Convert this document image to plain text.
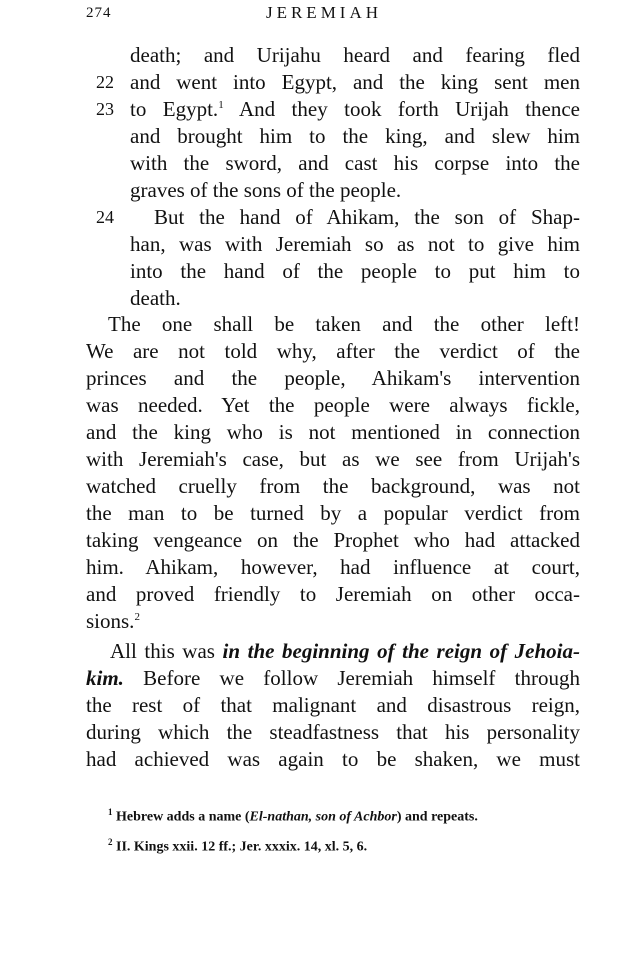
274	JEREMIAH
death; and Urijahu heard and fearing fled
22 and went into Egypt, and the king sent men
23 to Egypt.$^1$ And they took forth Urijah thence
and brought him to the king, and slew him
with the sword, and cast his corpse into the
graves of the sons of the people.
24 But the hand of Ahikam, the son of Shap-
han, was with Jeremiah so as not to give him
into the hand of the people to put him to
death.
The one shall be taken and the other left!
We are not told why, after the verdict of the
princes and the people, Ahikam's intervention
was needed. Yet the people were always fickle,
and the king who is not mentioned in connection
with Jeremiah's case, but as we see from Urijah's
watched cruelly from the background, was not
the man to be turned by a popular verdict from
taking vengeance on the Prophet who had attacked
him. Ahikam, however, had influence at court,
and proved friendly to Jeremiah on other occa-
sions.$^2$
All this was in the beginning of the reign of Jehoia-
kim. Before we follow Jeremiah himself through
the rest of that malignant and disastrous reign,
during which the steadfastness that his personality
had achieved was again to be shaken, we must
$^1$ Hebrew adds a name (El-nathan, son of Achbor) and repeats.
$^2$ II. Kings xxii. 12 ff.; Jer. xxxix. 14, xl. 5, 6.
